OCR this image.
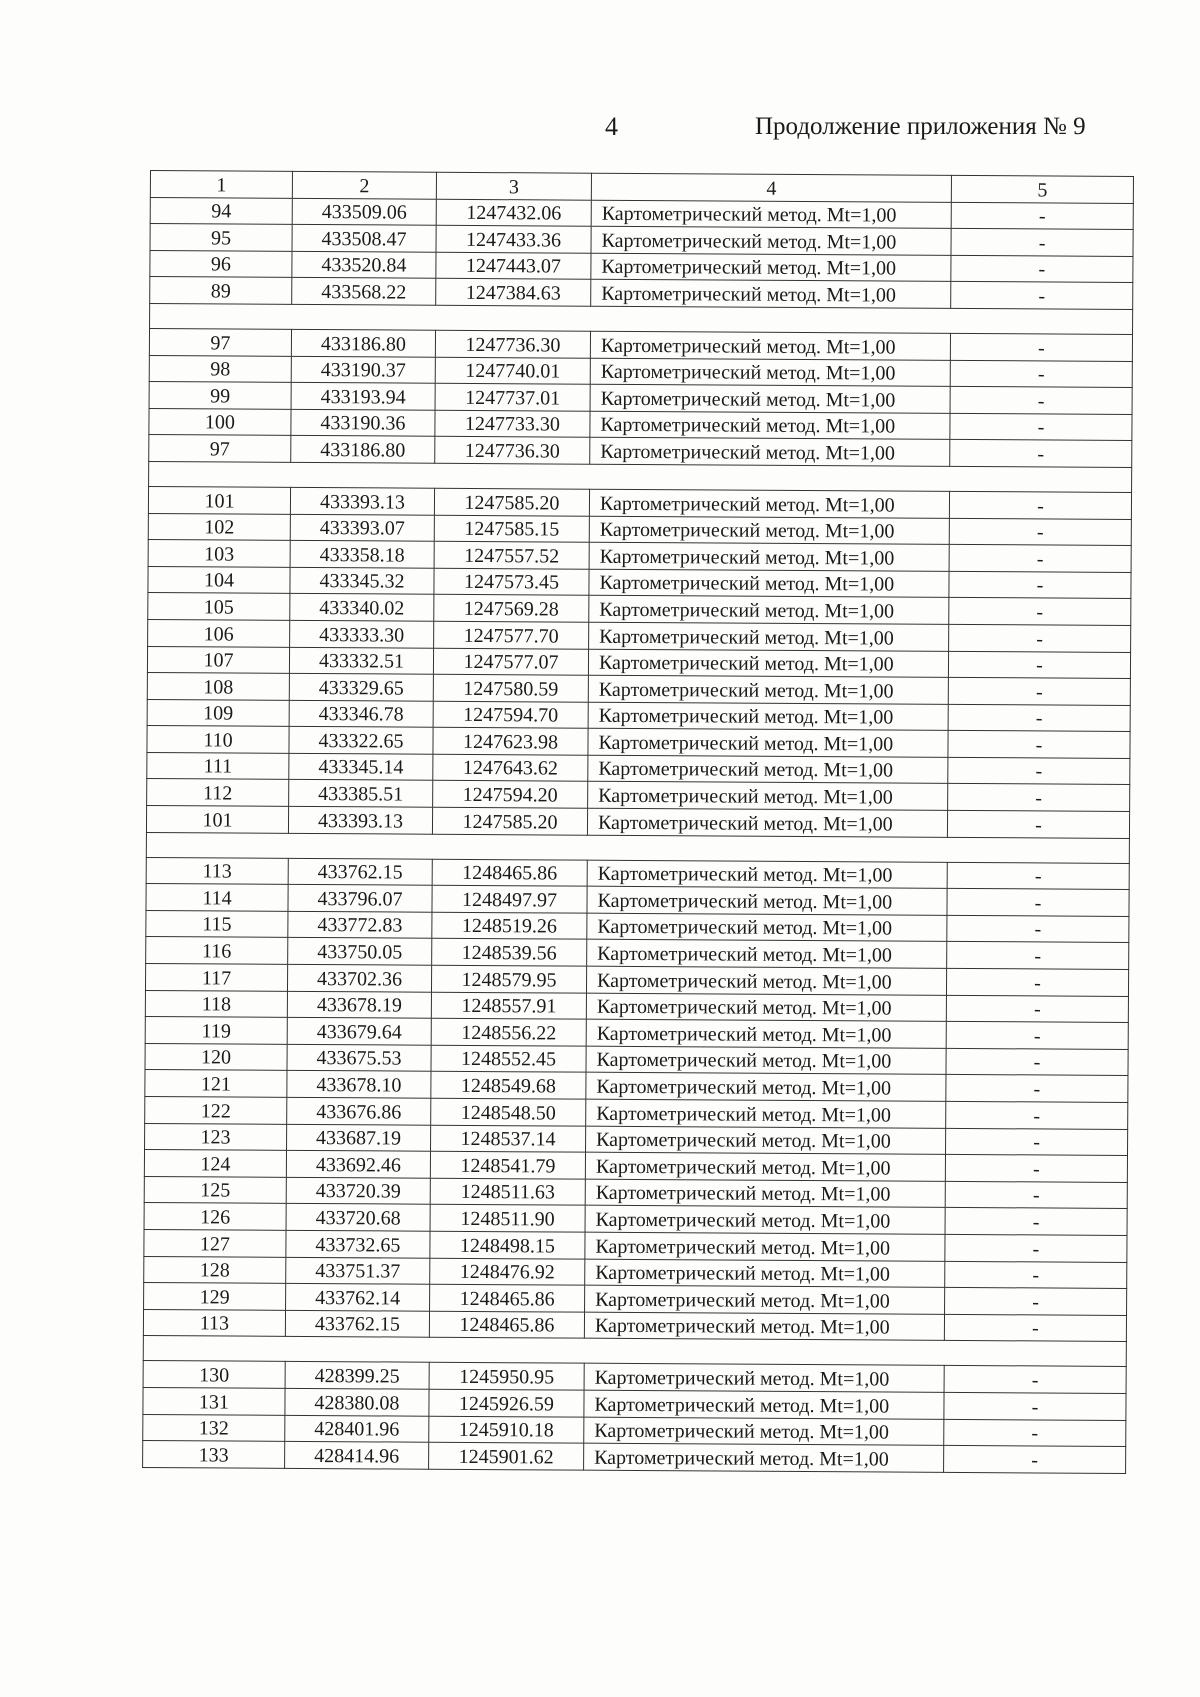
4	Продолжение приложения № 9
1	2	3	4	5
94	433509.06	1247432.06	Картометрический метод. Mt=1,00	-
95	433508.47	1247433.36	Картометрический метод. Mt=1,00	-
96	433520.84	1247443.07	Картометрический метод. Mt=1,00	-
89	433568.22	1247384.63	Картометрический метод. Mt=1,00	-

97	433186.80	1247736.30	Картометрический метод. Mt=1,00	-
98	433190.37	1247740.01	Картометрический метод. Mt=1,00	-
99	433193.94	1247737.01	Картометрический метод. Mt=1,00	-
100	433190.36	1247733.30	Картометрический метод. Mt=1,00	-
97	433186.80	1247736.30	Картометрический метод. Mt=1,00	-

101	433393.13	1247585.20	Картометрический метод. Mt=1,00	-
102	433393.07	1247585.15	Картометрический метод. Mt=1,00	-
103	433358.18	1247557.52	Картометрический метод. Mt=1,00	-
104	433345.32	1247573.45	Картометрический метод. Mt=1,00	-
105	433340.02	1247569.28	Картометрический метод. Mt=1,00	-
106	433333.30	1247577.70	Картометрический метод. Mt=1,00	-
107	433332.51	1247577.07	Картометрический метод. Mt=1,00	-
108	433329.65	1247580.59	Картометрический метод. Mt=1,00	-
109	433346.78	1247594.70	Картометрический метод. Mt=1,00	-
110	433322.65	1247623.98	Картометрический метод. Mt=1,00	-
111	433345.14	1247643.62	Картометрический метод. Mt=1,00	-
112	433385.51	1247594.20	Картометрический метод. Mt=1,00	-
101	433393.13	1247585.20	Картометрический метод. Mt=1,00	-

113	433762.15	1248465.86	Картометрический метод. Mt=1,00	-
114	433796.07	1248497.97	Картометрический метод. Mt=1,00	-
115	433772.83	1248519.26	Картометрический метод. Mt=1,00	-
116	433750.05	1248539.56	Картометрический метод. Mt=1,00	-
117	433702.36	1248579.95	Картометрический метод. Mt=1,00	-
118	433678.19	1248557.91	Картометрический метод. Mt=1,00	-
119	433679.64	1248556.22	Картометрический метод. Mt=1,00	-
120	433675.53	1248552.45	Картометрический метод. Mt=1,00	-
121	433678.10	1248549.68	Картометрический метод. Mt=1,00	-
122	433676.86	1248548.50	Картометрический метод. Mt=1,00	-
123	433687.19	1248537.14	Картометрический метод. Mt=1,00	-
124	433692.46	1248541.79	Картометрический метод. Mt=1,00	-
125	433720.39	1248511.63	Картометрический метод. Mt=1,00	-
126	433720.68	1248511.90	Картометрический метод. Mt=1,00	-
127	433732.65	1248498.15	Картометрический метод. Mt=1,00	-
128	433751.37	1248476.92	Картометрический метод. Mt=1,00	-
129	433762.14	1248465.86	Картометрический метод. Mt=1,00	-
113	433762.15	1248465.86	Картометрический метод. Mt=1,00	-

130	428399.25	1245950.95	Картометрический метод. Mt=1,00	-
131	428380.08	1245926.59	Картометрический метод. Mt=1,00	-
132	428401.96	1245910.18	Картометрический метод. Mt=1,00	-
133	428414.96	1245901.62	Картометрический метод. Mt=1,00	-
